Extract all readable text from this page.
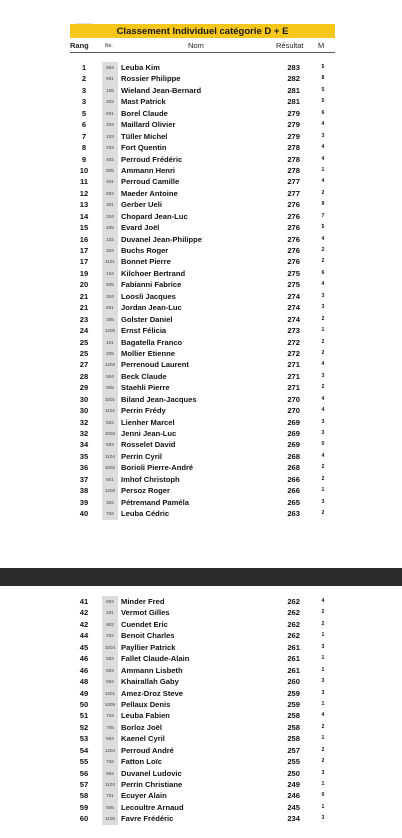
Classement Individuel catégorie D + E
Rang	No.	Nom	Résultat M
1	904 Leuba Kim	283	5
2	901 Rossier Philippe	282	8
3	105 Wieland Jean-Bernard	281	5
3	403 Mast Patrick	281	5
5	601 Borel Claude	279	6
6	404 Maillard Olivier	279	4
7	103 Tüller Michel	279	3
8	203 Fort Quentin	278	4
9	402 Perroud Frédéric	278	4
10	805 Ammann Henri	278	1
11	401 Perroud Camille	277	4
12	602 Maeder Antoine	277	2
13	301 Gerber Ueli	276	9
14	204 Chopard Jean-Luc	276	7
15	405 Evard Joël	276	5
16	102 Duvanel Jean-Philippe	276	4
17	304 Buchs Roger	276	2
17	1101 Bonnet Pierre	276	2
19	104 Kilchoer Bertrand	275	6
20	605 Fabianni Fabrice	275	4
21	304 Loosli Jacques	274	3
21	501 Jordan Jean-Luc	274	3
23	305 Golster Daniel	274	2
24	1205 Ernst Félicia	273	1
25	101 Bagatella Franco	272	2
25	205 Mollier Etienne	272	2
27	1202 Perrenoud Laurent	271	4
28	504 Beck Claude	271	3
29	905 Staehli Pierre	271	2
30	1001 Biland Jean-Jacques	270	4
30	1102 Perrin Frédy	270	4
32	502 Lienher Marcel	269	3
32	1003 Jenni Jean-Luc	269	3
34	603 Rosselet David	269	0
35	1104 Perrin Cyril	268	4
36	1002 Borioli Pierre-André	268	2
37	801 Imhof Christoph	266	2
38	1203 Persoz Roger	266	1
39	302 Pétremand Paméla	265	3
40	703 Leuba Cédric	263	2
41	903 Minder Fred	262	4
42	201 Vermot Gilles	262	2
42	802 Cuendet Eric	262	2
44	202 Benoit Charles	262	1
45	1004 Payllier Patrick	261	3
46	503 Fallet Claude-Alain	261	1
46	803 Ammann Lisbeth	261	1
48	902 Khairallah Gaby	260	3
49	1201 Amez-Droz Steve	259	3
50	1005 Pellaux Denis	259	1
51	704 Leuba Fabien	258	4
52	705 Borloz Joël	258	2
53	604 Kaenel Cyril	258	1
54	1204 Perroud André	257	2
55	702 Fatton Loïc	255	2
56	804 Duvanel Ludovic	250	3
57	1103 Perrin Christiane	249	1
58	701 Ecuyer Alain	246	0
59	505 Lecoultre Arnaud	245	1
60	1105 Favre Frédéric	234	3
